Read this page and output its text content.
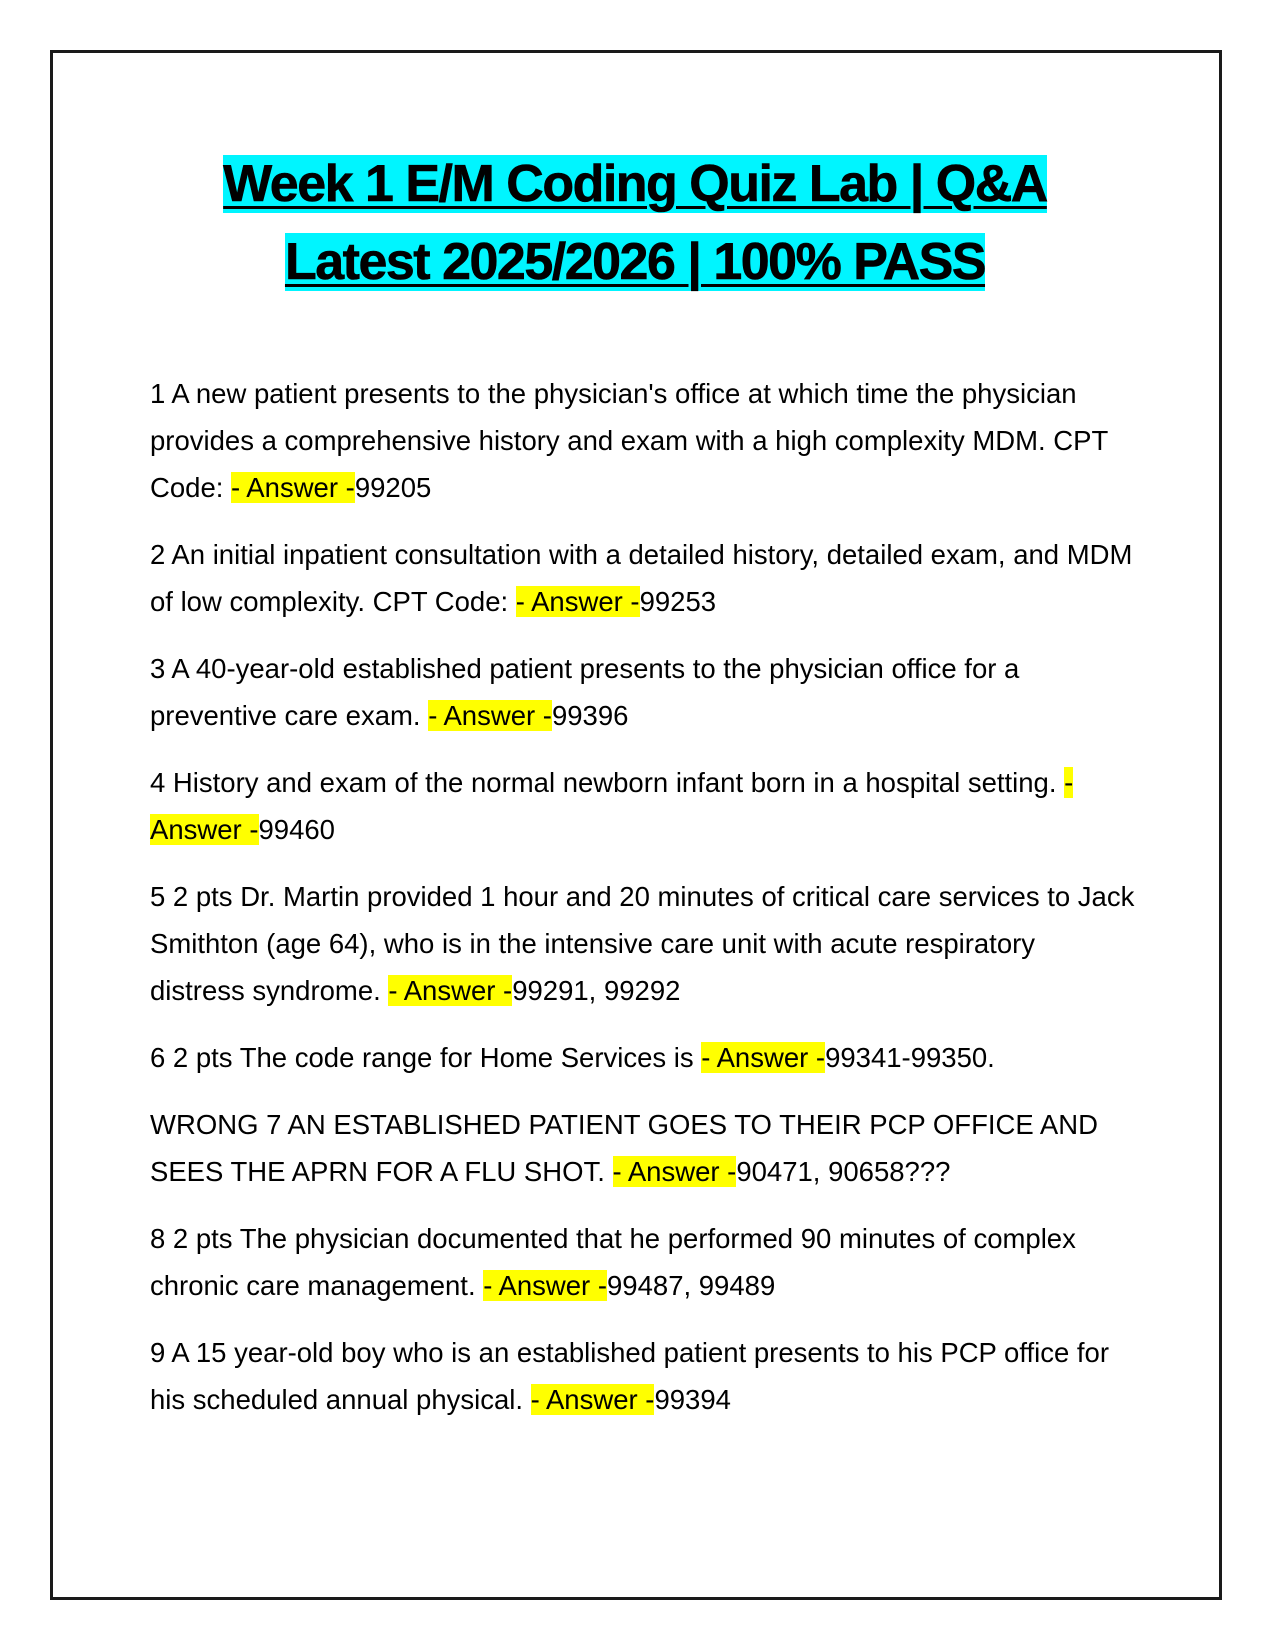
Week 1 E/M Coding Quiz Lab | Q&A
Latest 2025/2026 | 100% PASS
1 A new patient presents to the physician's office at which time the physician provides a comprehensive history and exam with a high complexity MDM. CPT Code: - Answer -99205
2 An initial inpatient consultation with a detailed history, detailed exam, and MDM of low complexity. CPT Code: - Answer -99253
3 A 40-year-old established patient presents to the physician office for a preventive care exam. - Answer -99396
4 History and exam of the normal newborn infant born in a hospital setting. - Answer -99460
5 2 pts Dr. Martin provided 1 hour and 20 minutes of critical care services to Jack Smithton (age 64), who is in the intensive care unit with acute respiratory distress syndrome. - Answer -99291, 99292
6 2 pts The code range for Home Services is - Answer -99341-99350.
WRONG 7 AN ESTABLISHED PATIENT GOES TO THEIR PCP OFFICE AND SEES THE APRN FOR A FLU SHOT. - Answer -90471, 90658???
8 2 pts The physician documented that he performed 90 minutes of complex chronic care management. - Answer -99487, 99489
9 A 15 year-old boy who is an established patient presents to his PCP office for his scheduled annual physical. - Answer -99394
